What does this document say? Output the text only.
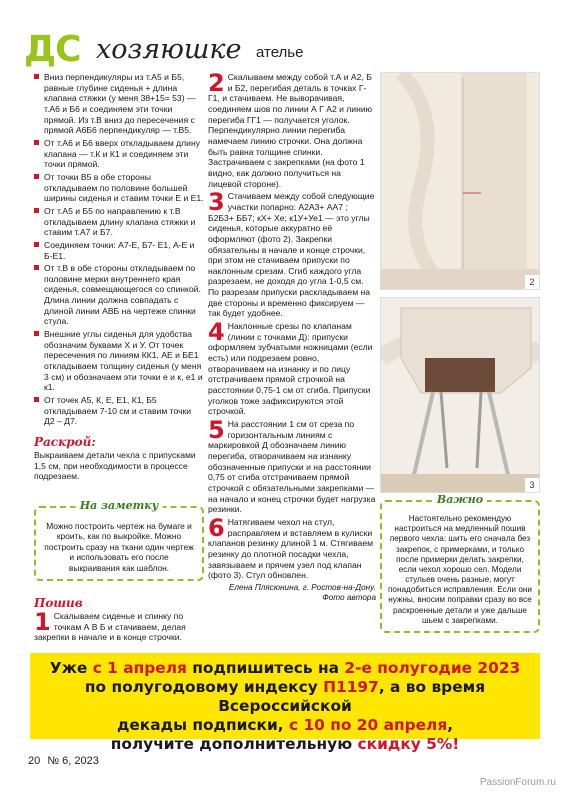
ДС хозяюшке ателье
Вниз перпендикуляры из т.А5 и Б5, равные глубине сиденья + длина клапана стяжки (у меня 38+15= 53) — т.А6 и Б6 и соединяем эти точки прямой. Из т.В вниз до пересечения с прямой А6Б6 перпендикуляр — т.В5.
От т.А6 и Б6 вверх откладываем длину клапана — т.К и К1 и соединяем эти точки прямой.
От точки В5 в обе стороны откладываем по половине большей ширины сиденья и ставим точки Е и Е1.
От т.А5 и Б5 по направлению к т.В откладываем длину клапана стяжки и ставим т.А7 и Б7.
Соединяем точки: А7-Е, Б7- Е1, А-Е и Б-Е1.
От т.В в обе стороны откладываем по половине мерки внутреннего края сиденья, совмещающегося со спинкой. Длина линии должна совпадать с длиной линии АВБ на чертеже спинки стула.
Внешние углы сиденья для удобства обозначим буквами Х и У. От точек пересечения по линиям КК1, АЕ и БЕ1 откладываем толщину сиденья (у меня 3 см) и обозначаем эти точки е и к, е1 и к1.
От точек А5, К, Е, Е1, К1, Б5 откладываем 7-10 см и ставим точки Д2 – Д7.
Раскрой:

Выкраиваем детали чехла с припусками 1,5 см, при необходимости в процессе подрезаем.

На заметку
Можно построить чертеж на бумаге и кроить, как по выкройке. Можно построить сразу на ткани один чертеж и использовать его после выкраивания как шаблон.
Пошив
1 Скалываем сиденье и спинку по точкам А В Б и стачиваем, делая закрепки в начале и в конце строчки.
2 Скалываем между собой т.А и А2, Б и Б2, перегибая деталь в точках Г-Г1, и стачиваем. Не выворачивая, соединяем шов по линии А Г А2 и линию перегиба ГГ1 — получается уголок. Перпендикулярно линии перегиба намечаем линию строчки. Она должна быть равна толщине спинки. Застрачиваем с закрепками (на фото 1 видно, как должно получиться на лицевой стороне).
3 Стачиваем между собой следующие участки попарно: А2А3+ АА7 ; Б2Б3+ ББ7; кХ+ Хе; к1У+Уе1 — это углы сиденья, которые аккуратно её оформляют (фото 2). Закрепки обязательны в начале и конце строчки, при этом не стачиваем припуски по наклонным срезам. Сгиб каждого угла разрезаем, не доходя до угла 1-0,5 см. По разрезам припуски раскладываем на две стороны и временно фиксируем — так будет удобнее.
4 Наклонные срезы по клапанам (линии с точками Д): припуски оформляем зубчатыми ножницами (если есть) или подрезаем ровно, отворачиваем на изнанку и по лицу отстрачиваем прямой строчкой на расстоянии 0,75-1 см от сгиба. Припуски уголков тоже зафиксируются этой строчкой.
5 На расстоянии 1 см от среза по горизонтальным линиям с маркировкой Д обозначаем линию перегиба, отворачиваем на изнанку обозначенные припуски и на расстоянии 0,75 от сгиба отстрачиваем прямой строчкой с обязательными закрепками — на начало и конец строчки будет нагрузка резинки.
6 Натягиваем чехол на стул, расправляем и вставляем в кулиски клапанов резинку длиной 1 м. Стягиваем резинку до плотной посадки чехла, завязываем и прячем узел под клапан (фото 3). Стул обновлен.
Елена Плясюнина, г. Ростов-на-Дону.
Фото автора
2
3
Важно
Настоятельно рекомендую настроиться на медленный пошив первого чехла: шить его сначала без закрепок, с примерками, и только после примерки делать закрепки, если чехол хорошо сел. Модели стульев очень разные, могут понадобиться исправления. Если они нужны, вносим поправки сразу во все раскроенные детали и уже дальше шьем с закрепками.
Уже с 1 апреля подпишитесь на 2-е полугодие 2023
по полугодовому индексу П1197, а во время Всероссийской
декады подписки, с 10 по 20 апреля,
получите дополнительную скидку 5%!
20 № 6, 2023
PassionForum.ru
